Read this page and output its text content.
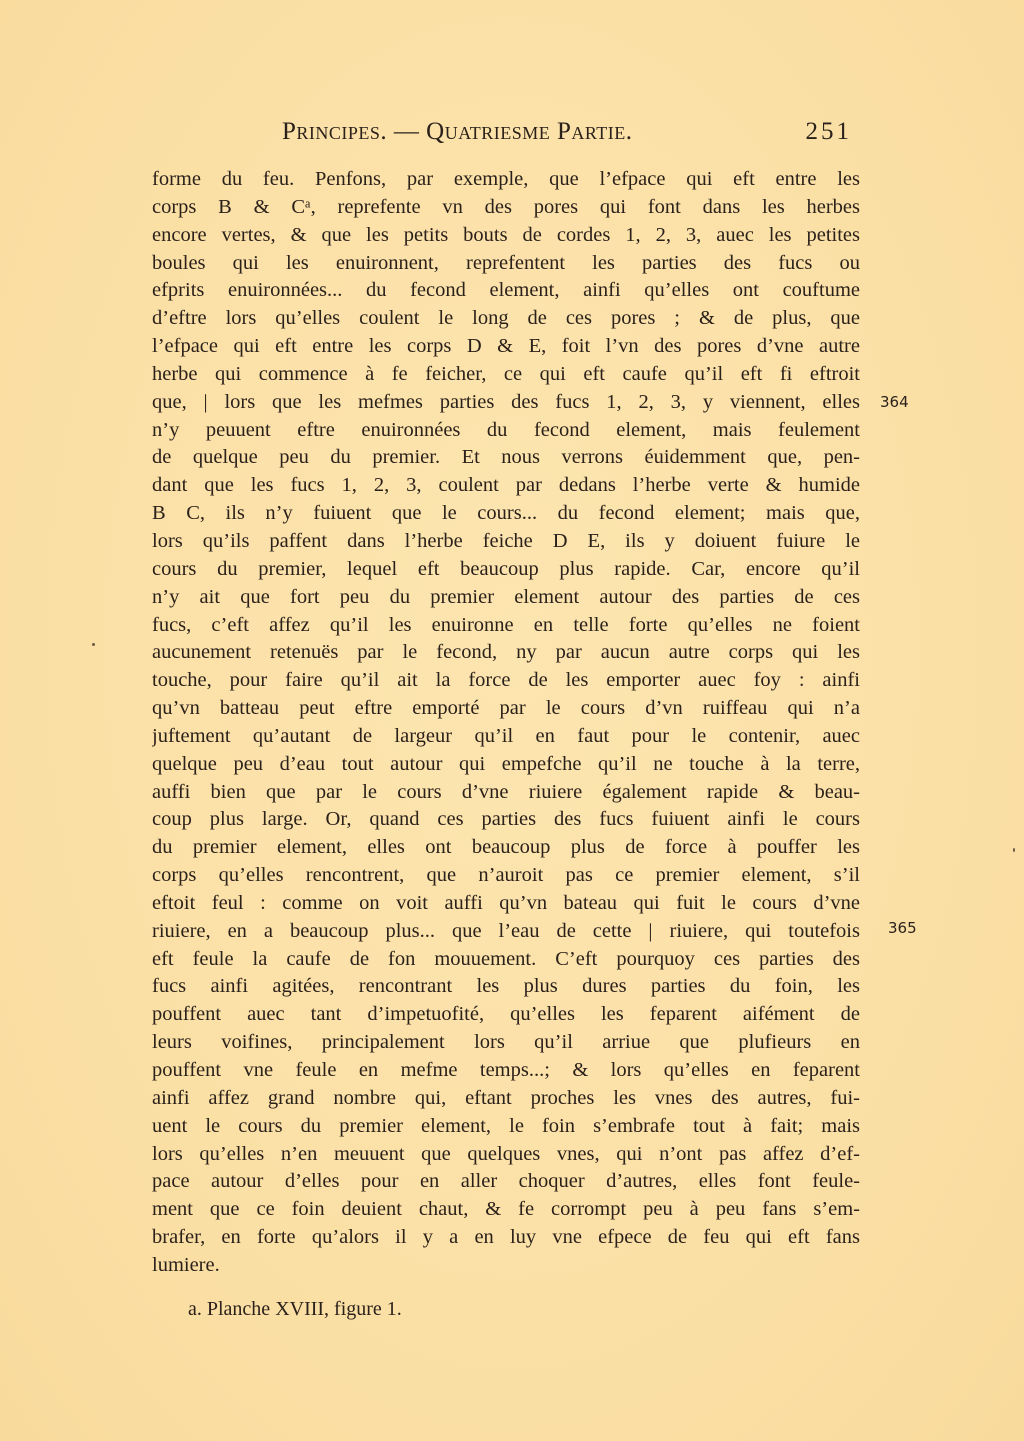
Principes. — Quatriesme Partie.	251
forme du feu. Penfons, par exemple, que l’efpace qui eft entre les
corps B & Cᵃ, reprefente vn des pores qui font dans les herbes
encore vertes, & que les petits bouts de cordes 1, 2, 3, auec les petites
boules qui les enuironnent, reprefentent les parties des fucs ou
efprits enuironnées... du fecond element, ainfi qu’elles ont couftume
d’eftre lors qu’elles coulent le long de ces pores ; & de plus, que
l’efpace qui eft entre les corps D & E, foit l’vn des pores d’vne autre
herbe qui commence à fe feicher, ce qui eft caufe qu’il eft fi eftroit
que, | lors que les mefmes parties des fucs 1, 2, 3, y viennent, elles
n’y peuuent eftre enuironnées du fecond element, mais feulement
de quelque peu du premier. Et nous verrons éuidemment que, pen-
dant que les fucs 1, 2, 3, coulent par dedans l’herbe verte & humide
B C, ils n’y fuiuent que le cours... du fecond element; mais que,
lors qu’ils paffent dans l’herbe feiche D E, ils y doiuent fuiure le
cours du premier, lequel eft beaucoup plus rapide. Car, encore qu’il
n’y ait que fort peu du premier element autour des parties de ces
fucs, c’eft affez qu’il les enuironne en telle forte qu’elles ne foient
aucunement retenuës par le fecond, ny par aucun autre corps qui les
touche, pour faire qu’il ait la force de les emporter auec foy : ainfi
qu’vn batteau peut eftre emporté par le cours d’vn ruiffeau qui n’a
juftement qu’autant de largeur qu’il en faut pour le contenir, auec
quelque peu d’eau tout autour qui empefche qu’il ne touche à la terre,
auffi bien que par le cours d’vne riuiere également rapide & beau-
coup plus large. Or, quand ces parties des fucs fuiuent ainfi le cours
du premier element, elles ont beaucoup plus de force à pouffer les
corps qu’elles rencontrent, que n’auroit pas ce premier element, s’il
eftoit feul : comme on voit auffi qu’vn bateau qui fuit le cours d’vne
riuiere, en a beaucoup plus... que l’eau de cette | riuiere, qui toutefois
eft feule la caufe de fon mouuement. C’eft pourquoy ces parties des
fucs ainfi agitées, rencontrant les plus dures parties du foin, les
pouffent auec tant d’impetuofité, qu’elles les feparent aifément de
leurs voifines, principalement lors qu’il arriue que plufieurs en
pouffent vne feule en mefme temps...; & lors qu’elles en feparent
ainfi affez grand nombre qui, eftant proches les vnes des autres, fui-
uent le cours du premier element, le foin s’embrafe tout à fait; mais
lors qu’elles n’en meuuent que quelques vnes, qui n’ont pas affez d’ef-
pace autour d’elles pour en aller choquer d’autres, elles font feule-
ment que ce foin deuient chaut, & fe corrompt peu à peu fans s’em-
brafer, en forte qu’alors il y a en luy vne efpece de feu qui eft fans
lumiere.
364
365
a. Planche XVIII, figure 1.
